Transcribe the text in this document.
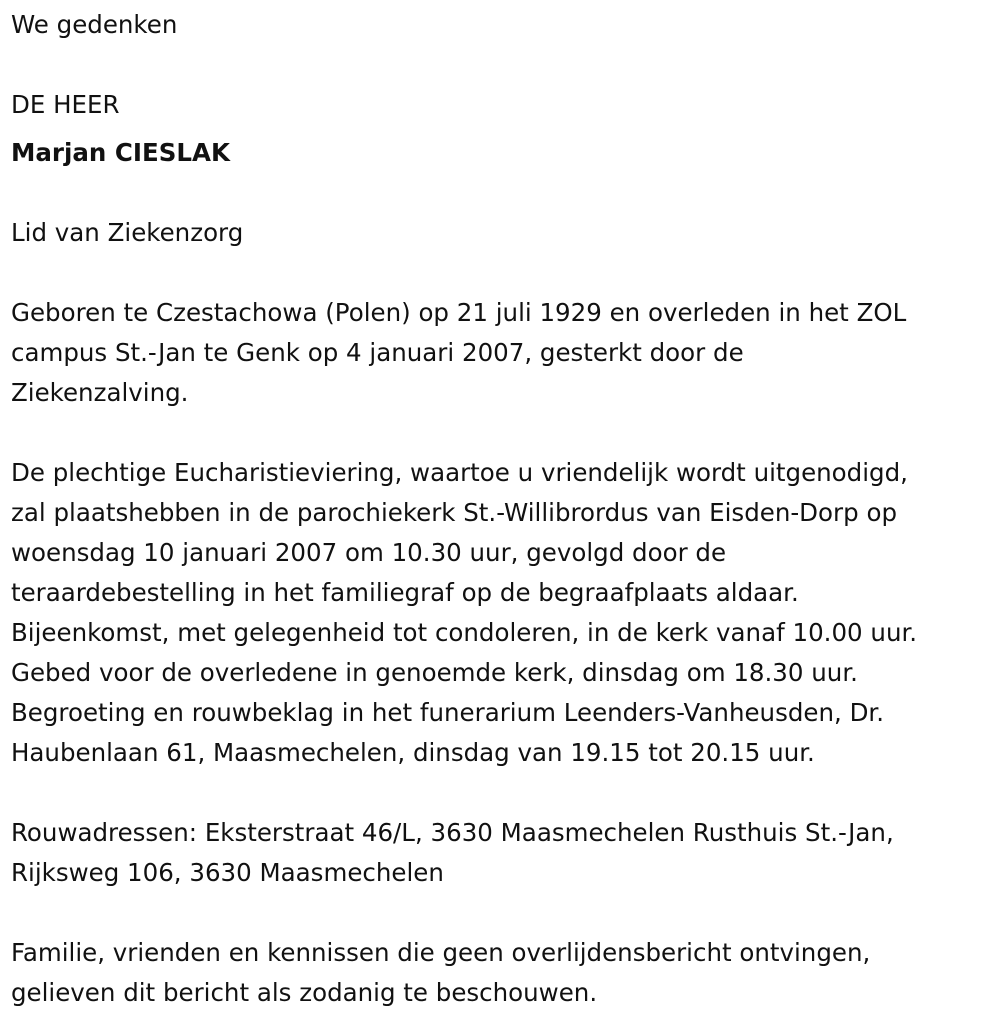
We gedenken

DE HEER

Marjan CIESLAK

Lid van Ziekenzorg

Geboren te Czestachowa (Polen) op 21 juli 1929 en overleden in het ZOL

campus St.-Jan te Genk op 4 januari 2007, gesterkt door de

Ziekenzalving.

De plechtige Eucharistieviering, waartoe u vriendelijk wordt uitgenodigd,

zal plaatshebben in de parochiekerk St.-Willibrordus van Eisden-Dorp op

woensdag 10 januari 2007 om 10.30 uur, gevolgd door de

teraardebestelling in het familiegraf op de begraafplaats aldaar.

Bijeenkomst, met gelegenheid tot condoleren, in de kerk vanaf 10.00 uur.

Gebed voor de overledene in genoemde kerk, dinsdag om 18.30 uur.

Begroeting en rouwbeklag in het funerarium Leenders-Vanheusden, Dr.

Haubenlaan 61, Maasmechelen, dinsdag van 19.15 tot 20.15 uur.

Rouwadressen: Eksterstraat 46/L, 3630 Maasmechelen Rusthuis St.-Jan,

Rijksweg 106, 3630 Maasmechelen

Familie, vrienden en kennissen die geen overlijdensbericht ontvingen,

gelieven dit bericht als zodanig te beschouwen.
